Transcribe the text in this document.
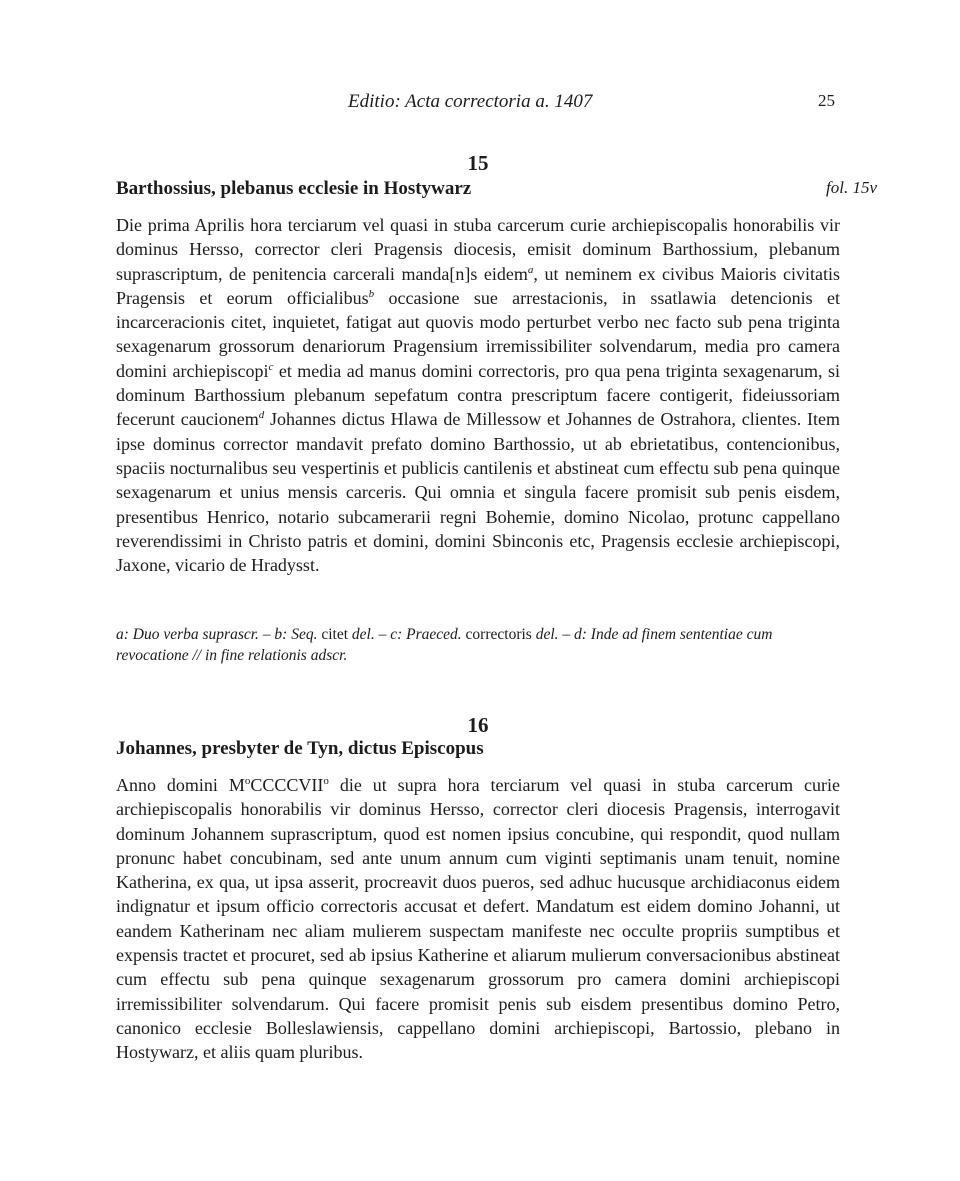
Editio: Acta correctoria a. 1407	25
15
Barthossius, plebanus ecclesie in Hostywarz	fol. 15v

Die prima Aprilis hora terciarum vel quasi in stuba carcerum curie archiepiscopalis honorabilis vir dominus Hersso, corrector cleri Pragensis diocesis, emisit dominum Barthossium, plebanum suprascriptum, de penitencia carcerali manda[n]s eidem$^a$, ut neminem ex civibus Maioris civitatis Pragensis et eorum officialibus$^b$ occasione sue arrestacionis, in ssatlawia detencionis et incarceracionis citet, inquietet, fatigat aut quovis modo perturbet verbo nec facto sub pena triginta sexagenarum grossorum denariorum Pragensium irremissibiliter solvendarum, media pro camera domini archiepiscopi$^c$ et media ad manus domini correctoris, pro qua pena triginta sexagenarum, si dominum Barthossium plebanum sepefatum contra prescriptum facere contigerit, fideiussoriam fecerunt caucionem$^d$ Johannes dictus Hlawa de Millessow et Johannes de Ostrahora, clientes. Item ipse dominus corrector mandavit prefato domino Barthossio, ut ab ebrietatibus, contencionibus, spaciis nocturnalibus seu vespertinis et publicis cantilenis et abstineat cum effectu sub pena quinque sexagenarum et unius mensis carceris. Qui omnia et singula facere promisit sub penis eisdem, presentibus Henrico, notario subcamerarii regni Bohemie, domino Nicolao, protunc cappellano reverendissimi in Christo patris et domini, domini Sbinconis etc, Pragensis ecclesie archiepiscopi, Jaxone, vicario de Hradysst.

a: Duo verba suprascr. – b: Seq. citet del. – c: Praeced. correctoris del. – d: Inde ad finem sententiae cum revocatione // in fine relationis adscr.

16
Johannes, presbyter de Tyn, dictus Episcopus

Anno domini $M^oCCCCVII^o$ die ut supra hora terciarum vel quasi in stuba carcerum curie archiepiscopalis honorabilis vir dominus Hersso, corrector cleri diocesis Pragensis, interrogavit dominum Johannem suprascriptum, quod est nomen ipsius concubine, qui respondit, quod nullam pronunc habet concubinam, sed ante unum annum cum viginti septimanis unam tenuit, nomine Katherina, ex qua, ut ipsa asserit, procreavit duos pueros, sed adhuc hucusque archidiaconus eidem indignatur et ipsum officio correctoris accusat et defert. Mandatum est eidem domino Johanni, ut eandem Katherinam nec aliam mulierem suspectam manifeste nec occulte propriis sumptibus et expensis tractet et procuret, sed ab ipsius Katherine et aliarum mulierum conversacionibus abstineat cum effectu sub pena quinque sexagenarum grossorum pro camera domini archiepiscopi irremissibiliter solvendarum. Qui facere promisit penis sub eisdem presentibus domino Petro, canonico ecclesie Bolleslawiensis, cappellano domini archiepiscopi, Bartossio, plebano in Hostywarz, et aliis quam pluribus.
